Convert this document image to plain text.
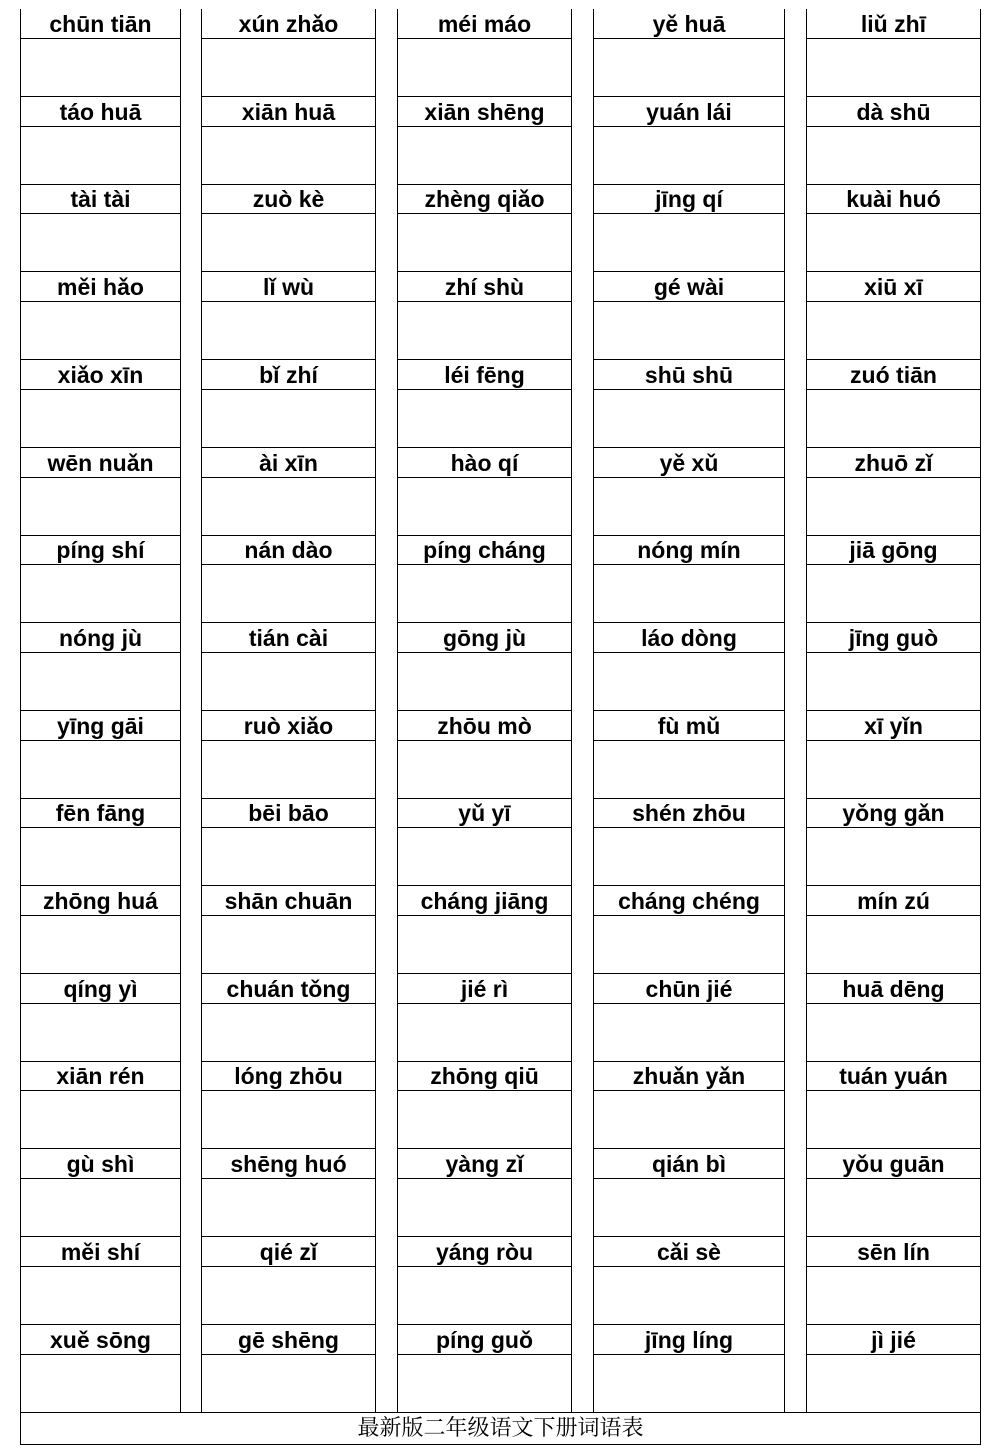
chūn tiān
táo huā
tài tài
měi hǎo
xiǎo xīn
wēn nuǎn
píng shí
nóng jù
yīng gāi
fēn fāng
zhōng huá
qíng yì
xiān rén
gù shì
měi shí
xuě sōng
xún zhǎo
xiān huā
zuò kè
lǐ wù
bǐ zhí
ài xīn
nán dào
tián cài
ruò xiǎo
bēi bāo
shān chuān
chuán tǒng
lóng zhōu
shēng huó
qié zǐ
gē shēng
méi máo
xiān shēng
zhèng qiǎo
zhí shù
léi fēng
hào qí
píng cháng
gōng jù
zhōu mò
yǔ yī
cháng jiāng
jié rì
zhōng qiū
yàng zǐ
yáng ròu
píng guǒ
yě huā
yuán lái
jīng qí
gé wài
shū shū
yě xǔ
nóng mín
láo dòng
fù mǔ
shén zhōu
cháng chéng
chūn jié
zhuǎn yǎn
qián bì
cǎi sè
jīng líng
liǔ zhī
dà shū
kuài huó
xiū xī
zuó tiān
zhuō zǐ
jiā gōng
jīng guò
xī yǐn
yǒng gǎn
mín zú
huā dēng
tuán yuán
yǒu guān
sēn lín
jì jié
最新版二年级语文下册词语表
